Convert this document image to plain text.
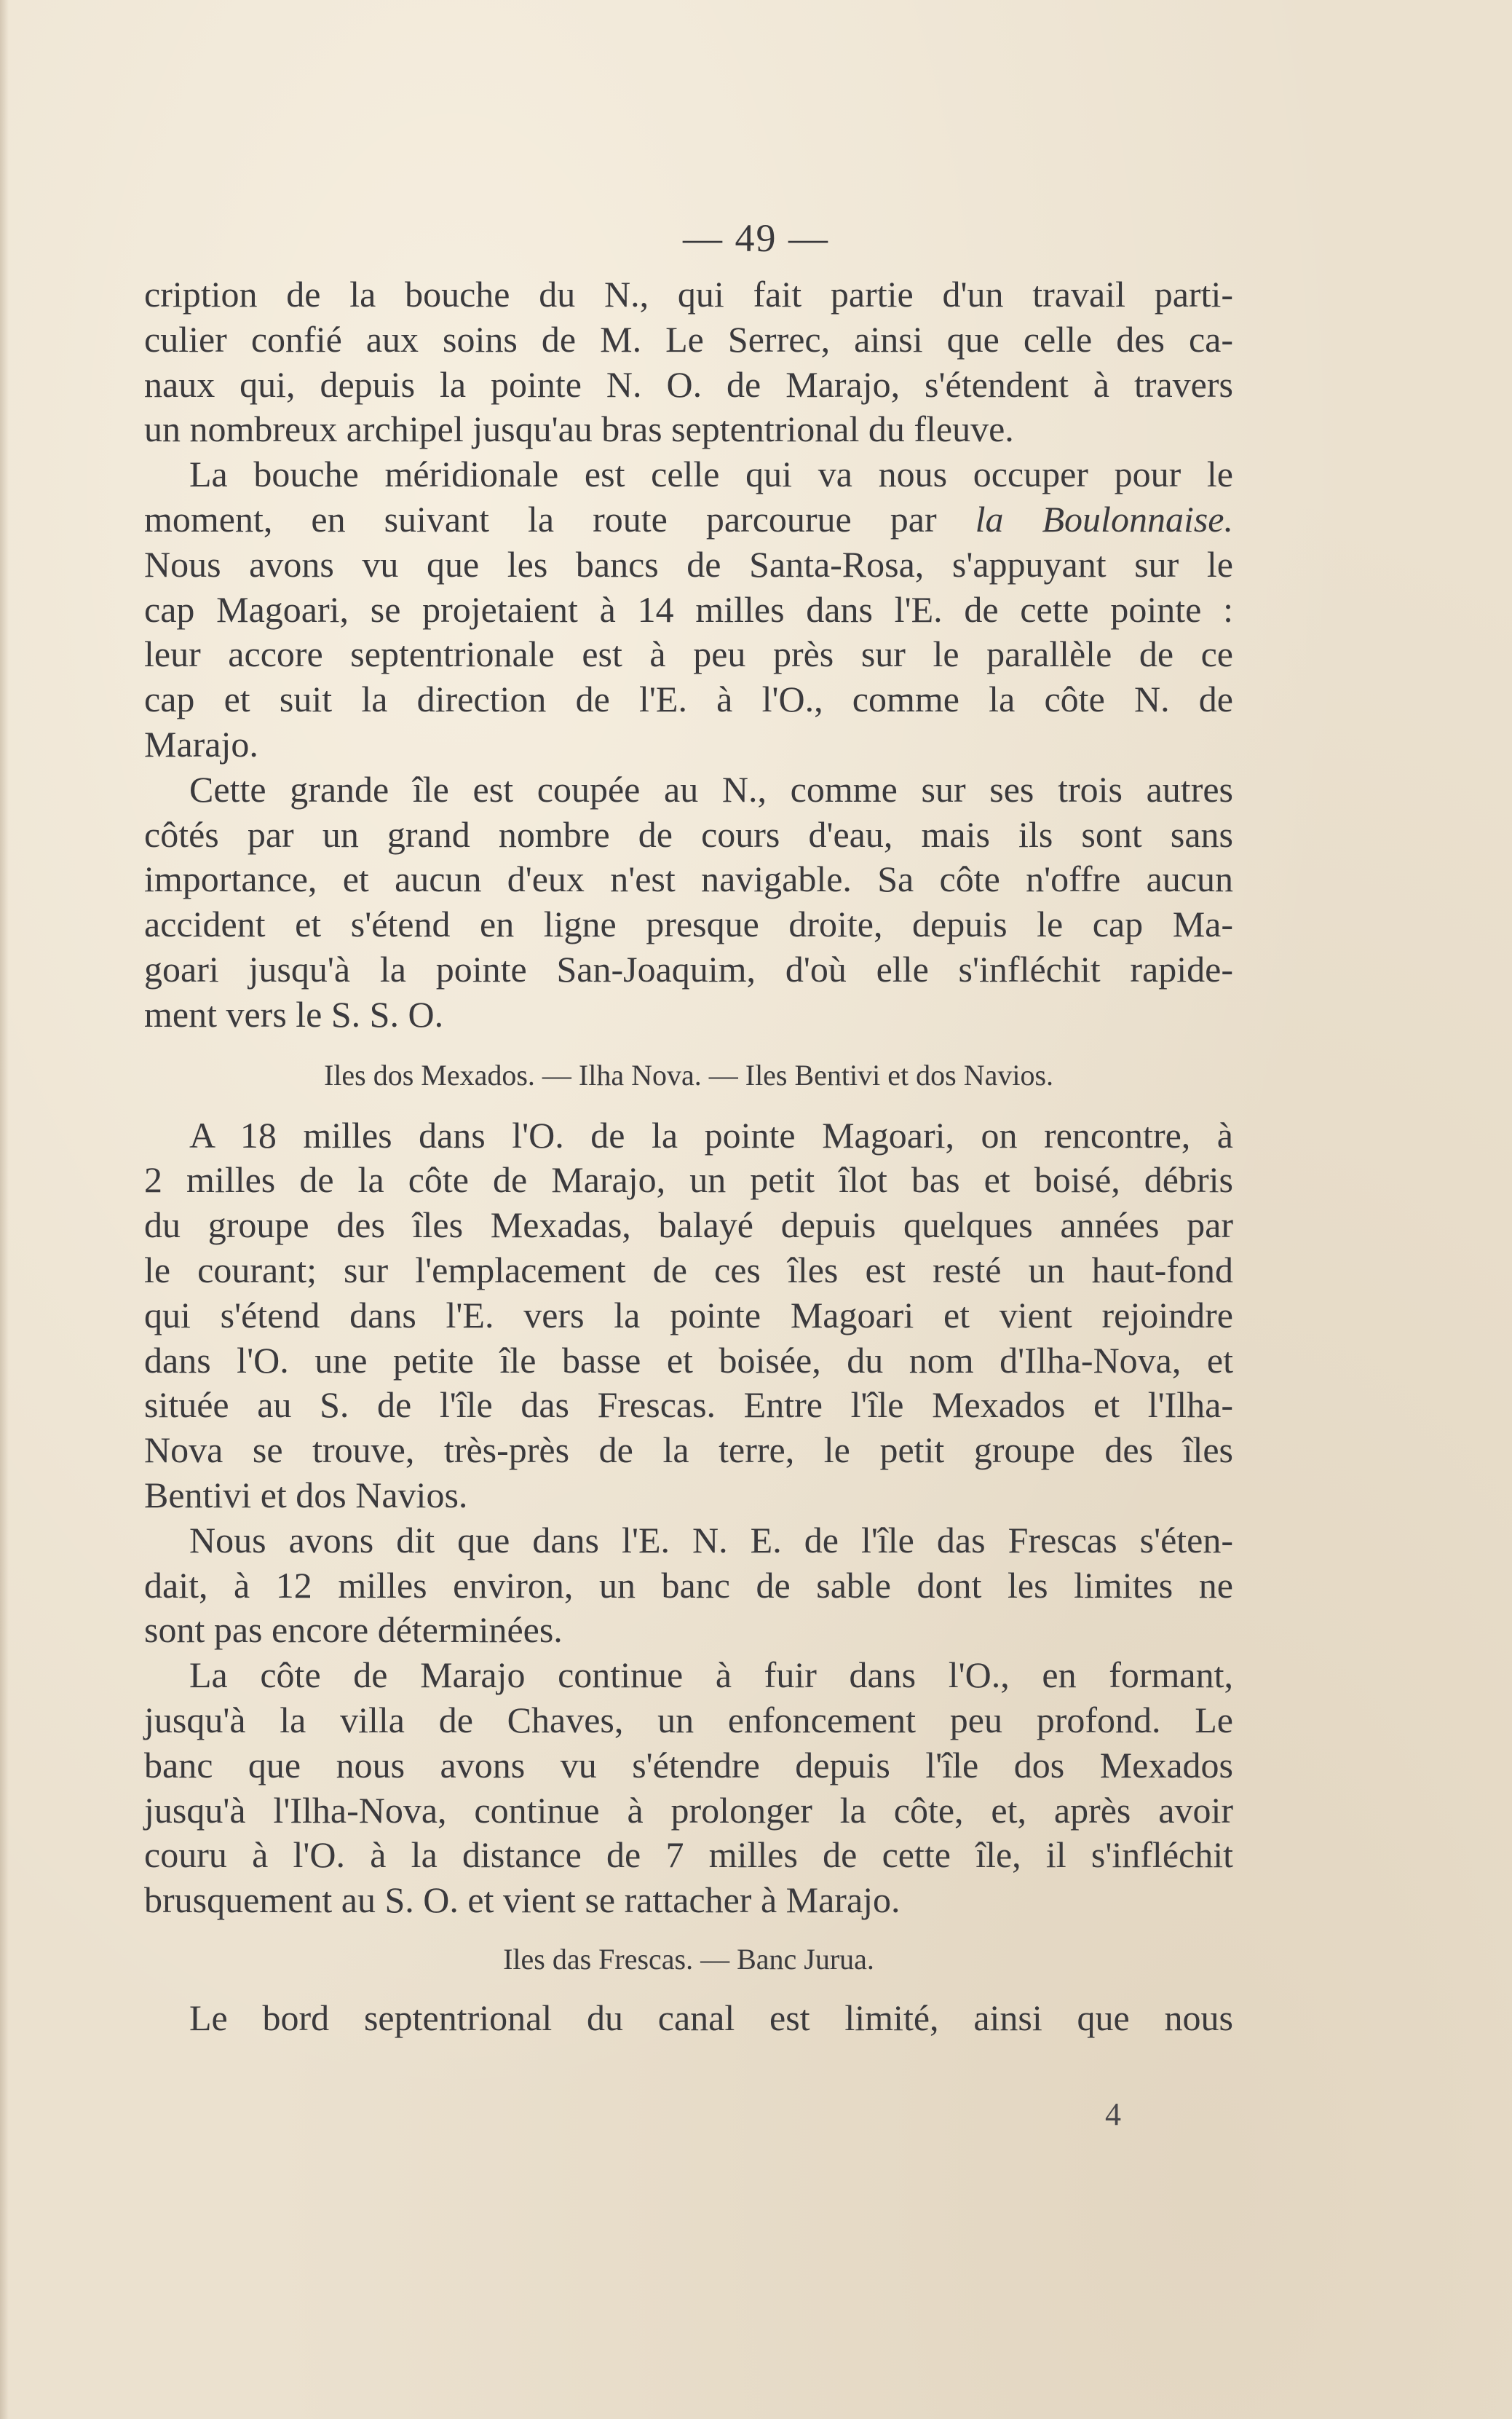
— 49 —
cription de la bouche du N., qui fait partie d'un travail parti-
culier confié aux soins de M. Le Serrec, ainsi que celle des ca-
naux qui, depuis la pointe N. O. de Marajo, s'étendent à travers
un nombreux archipel jusqu'au bras septentrional du fleuve.
La bouche méridionale est celle qui va nous occuper pour le
moment, en suivant la route parcourue par la Boulonnaise.
Nous avons vu que les bancs de Santa-Rosa, s'appuyant sur le
cap Magoari, se projetaient à 14 milles dans l'E. de cette pointe :
leur accore septentrionale est à peu près sur le parallèle de ce
cap et suit la direction de l'E. à l'O., comme la côte N. de
Marajo.
Cette grande île est coupée au N., comme sur ses trois autres
côtés par un grand nombre de cours d'eau, mais ils sont sans
importance, et aucun d'eux n'est navigable. Sa côte n'offre aucun
accident et s'étend en ligne presque droite, depuis le cap Ma-
goari jusqu'à la pointe San-Joaquim, d'où elle s'infléchit rapide-
ment vers le S. S. O.
Iles dos Mexados. — Ilha Nova. — Iles Bentivi et dos Navios.
A 18 milles dans l'O. de la pointe Magoari, on rencontre, à
2 milles de la côte de Marajo, un petit îlot bas et boisé, débris
du groupe des îles Mexadas, balayé depuis quelques années par
le courant; sur l'emplacement de ces îles est resté un haut-fond
qui s'étend dans l'E. vers la pointe Magoari et vient rejoindre
dans l'O. une petite île basse et boisée, du nom d'Ilha-Nova, et
située au S. de l'île das Frescas. Entre l'île Mexados et l'Ilha-
Nova se trouve, très-près de la terre, le petit groupe des îles
Bentivi et dos Navios.
Nous avons dit que dans l'E. N. E. de l'île das Frescas s'éten-
dait, à 12 milles environ, un banc de sable dont les limites ne
sont pas encore déterminées.
La côte de Marajo continue à fuir dans l'O., en formant,
jusqu'à la villa de Chaves, un enfoncement peu profond. Le
banc que nous avons vu s'étendre depuis l'île dos Mexados
jusqu'à l'Ilha-Nova, continue à prolonger la côte, et, après avoir
couru à l'O. à la distance de 7 milles de cette île, il s'infléchit
brusquement au S. O. et vient se rattacher à Marajo.
Iles das Frescas. — Banc Jurua.
Le bord septentrional du canal est limité, ainsi que nous
4
